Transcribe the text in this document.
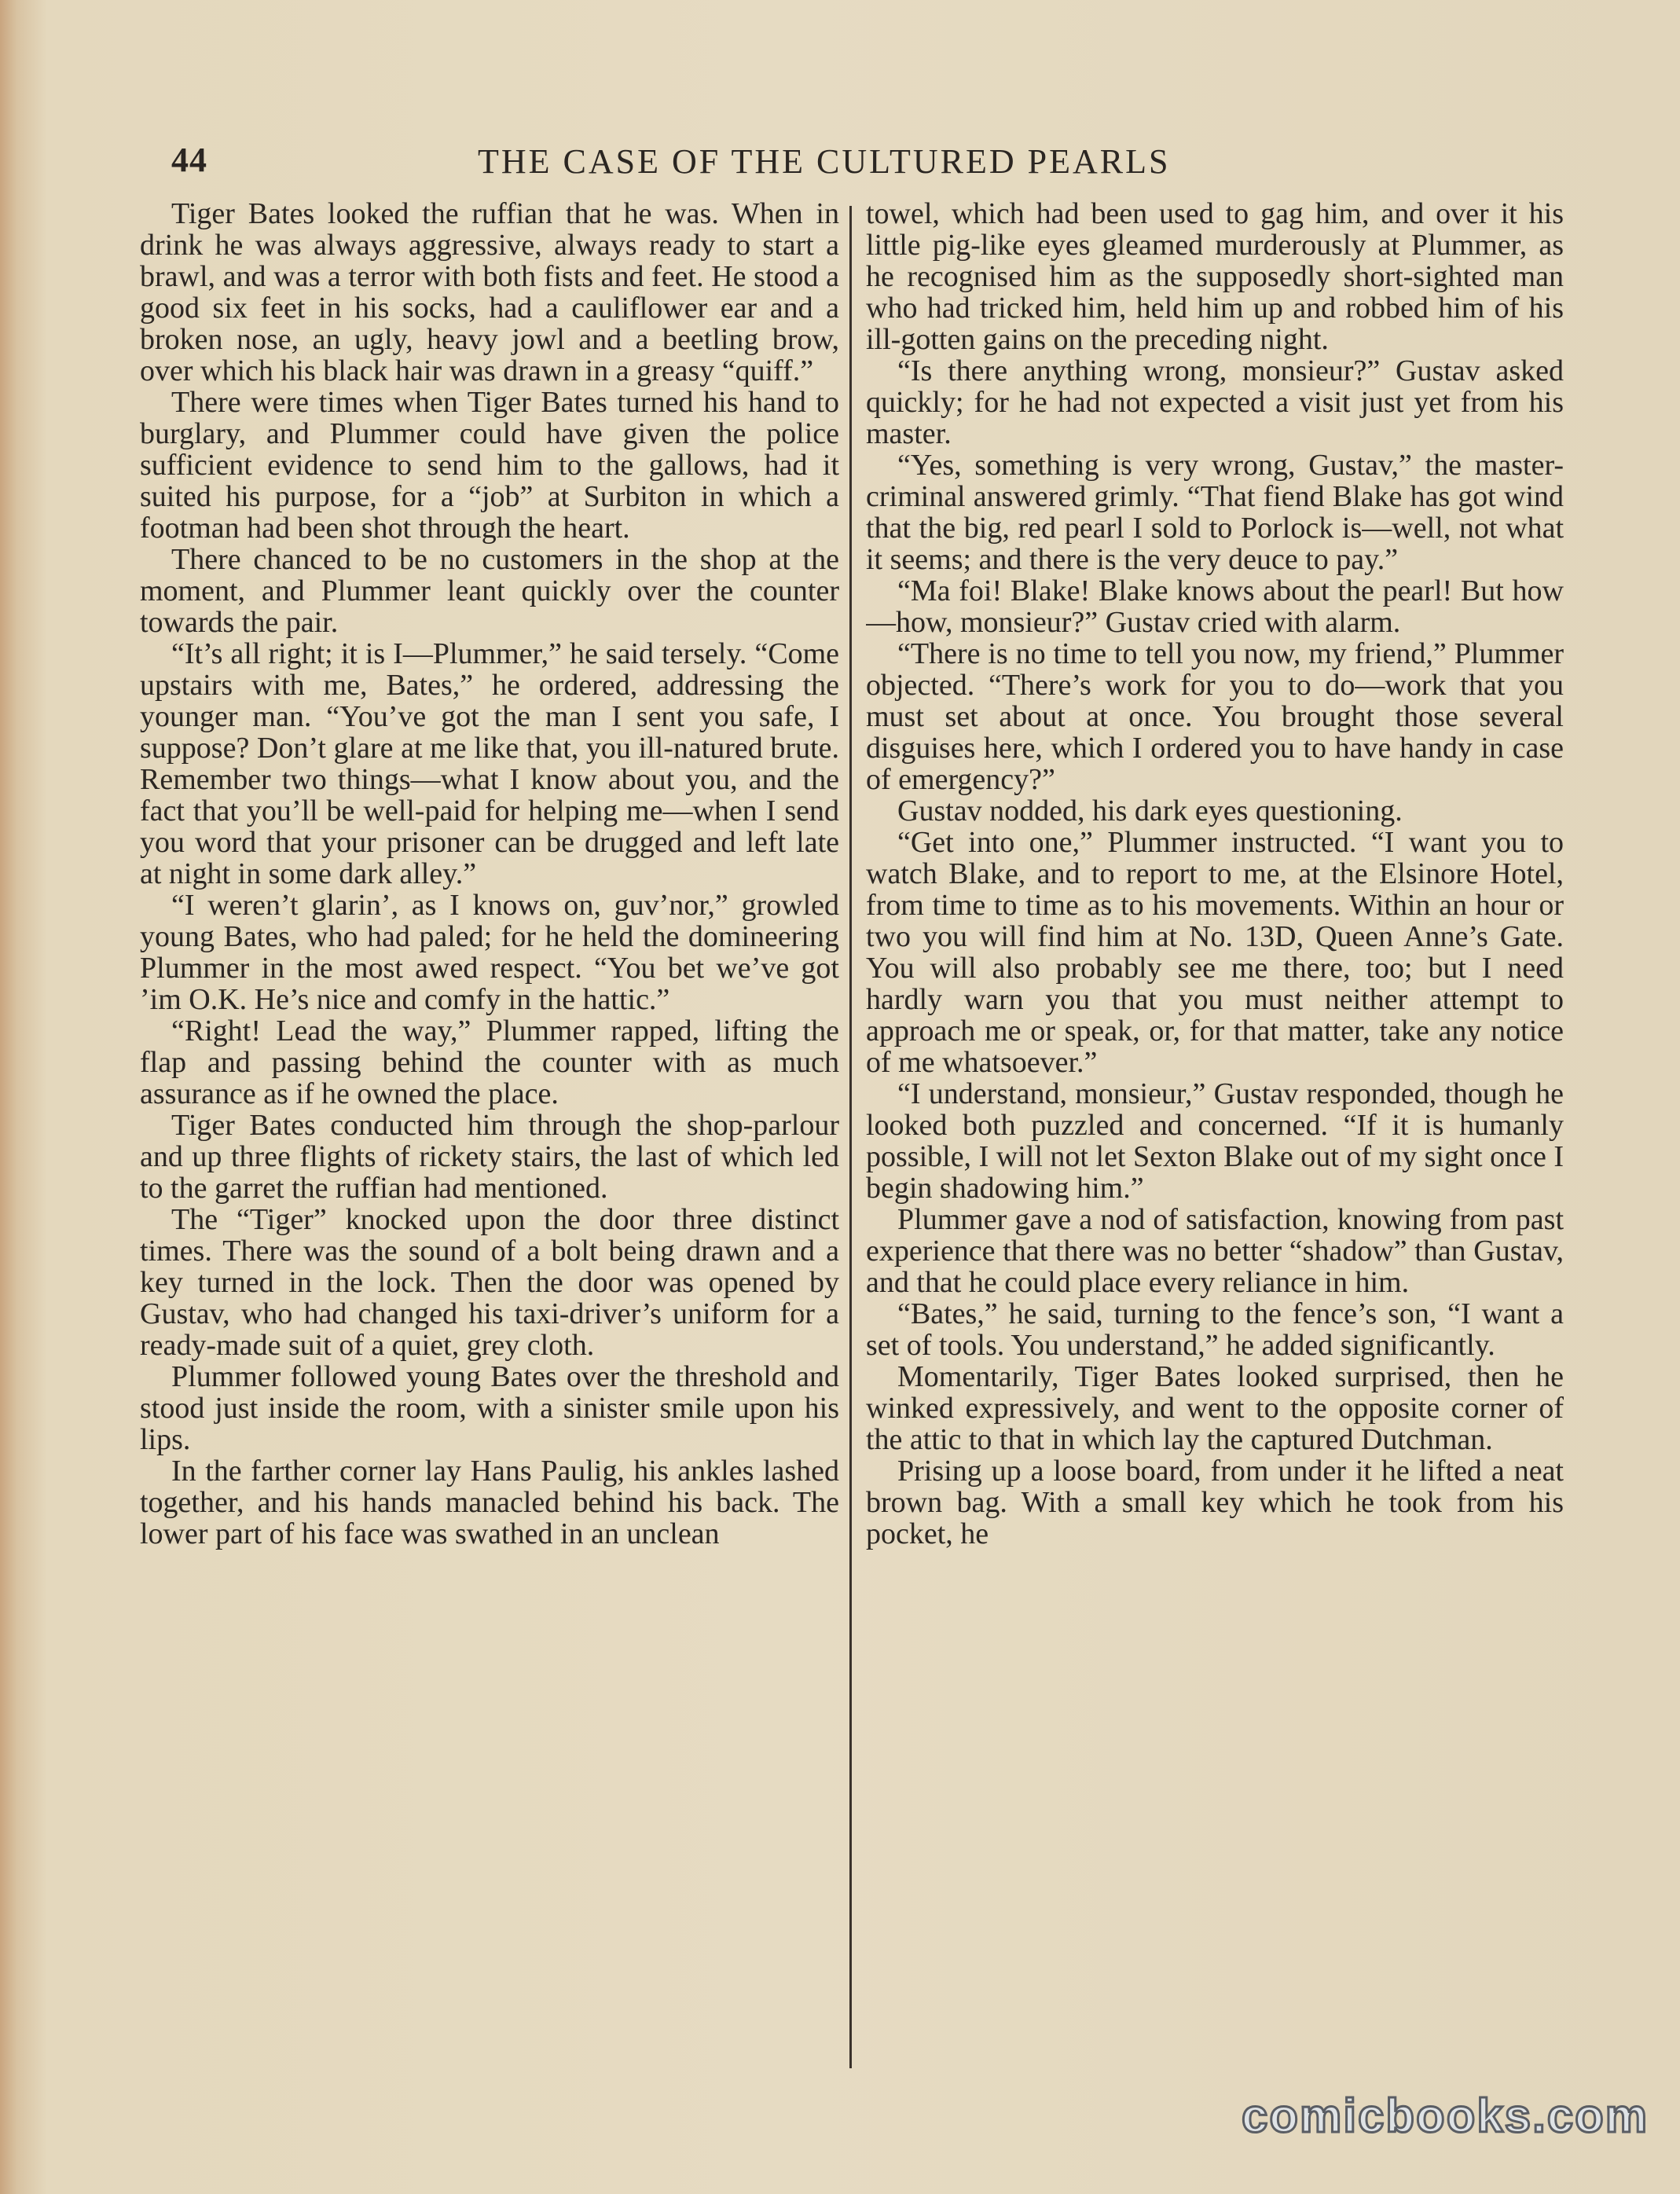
44	THE CASE OF THE CULTURED PEARLS

Tiger Bates looked the ruffian that he was. When in drink he was always aggressive, always ready to start a brawl, and was a terror with both fists and feet. He stood a good six feet in his socks, had a cauliflower ear and a broken nose, an ugly, heavy jowl and a beetling brow, over which his black hair was drawn in a greasy “quiff.”

There were times when Tiger Bates turned his hand to burglary, and Plummer could have given the police sufficient evidence to send him to the gallows, had it suited his purpose, for a “job” at Surbiton in which a footman had been shot through the heart.

There chanced to be no customers in the shop at the moment, and Plummer leant quickly over the counter towards the pair.

“It’s all right; it is I—Plummer,” he said tersely. “Come upstairs with me, Bates,” he ordered, addressing the younger man. “You’ve got the man I sent you safe, I suppose? Don’t glare at me like that, you ill-natured brute. Remember two things—what I know about you, and the fact that you’ll be well-paid for helping me—when I send you word that your prisoner can be drugged and left late at night in some dark alley.”

“I weren’t glarin’, as I knows on, guv’nor,” growled young Bates, who had paled; for he held the domineering Plummer in the most awed respect. “You bet we’ve got ’im O.K. He’s nice and comfy in the hattic.”

“Right! Lead the way,” Plummer rapped, lifting the flap and passing behind the counter with as much assurance as if he owned the place.

Tiger Bates conducted him through the shop-parlour and up three flights of rickety stairs, the last of which led to the garret the ruffian had mentioned.

The “Tiger” knocked upon the door three distinct times. There was the sound of a bolt being drawn and a key turned in the lock. Then the door was opened by Gustav, who had changed his taxi-driver’s uniform for a ready-made suit of a quiet, grey cloth.

Plummer followed young Bates over the threshold and stood just inside the room, with a sinister smile upon his lips.

In the farther corner lay Hans Paulig, his ankles lashed together, and his hands manacled behind his back. The lower part of his face was swathed in an unclean

towel, which had been used to gag him, and over it his little pig-like eyes gleamed murderously at Plummer, as he recognised him as the supposedly short-sighted man who had tricked him, held him up and robbed him of his ill-gotten gains on the preceding night.

“Is there anything wrong, monsieur?” Gustav asked quickly; for he had not expected a visit just yet from his master.

“Yes, something is very wrong, Gustav,” the master-criminal answered grimly. “That fiend Blake has got wind that the big, red pearl I sold to Porlock is—well, not what it seems; and there is the very deuce to pay.”

“Ma foi! Blake! Blake knows about the pearl! But how—how, monsieur?” Gustav cried with alarm.

“There is no time to tell you now, my friend,” Plummer objected. “There’s work for you to do—work that you must set about at once. You brought those several disguises here, which I ordered you to have handy in case of emergency?”

Gustav nodded, his dark eyes questioning.

“Get into one,” Plummer instructed. “I want you to watch Blake, and to report to me, at the Elsinore Hotel, from time to time as to his movements. Within an hour or two you will find him at No. 13D, Queen Anne’s Gate. You will also probably see me there, too; but I need hardly warn you that you must neither attempt to approach me or speak, or, for that matter, take any notice of me whatsoever.”

“I understand, monsieur,” Gustav responded, though he looked both puzzled and concerned. “If it is humanly possible, I will not let Sexton Blake out of my sight once I begin shadowing him.”

Plummer gave a nod of satisfaction, knowing from past experience that there was no better “shadow” than Gustav, and that he could place every reliance in him.

“Bates,” he said, turning to the fence’s son, “I want a set of tools. You understand,” he added significantly.

Momentarily, Tiger Bates looked surprised, then he winked expressively, and went to the opposite corner of the attic to that in which lay the captured Dutchman.

Prising up a loose board, from under it he lifted a neat brown bag. With a small key which he took from his pocket, he

comicbooks.com
